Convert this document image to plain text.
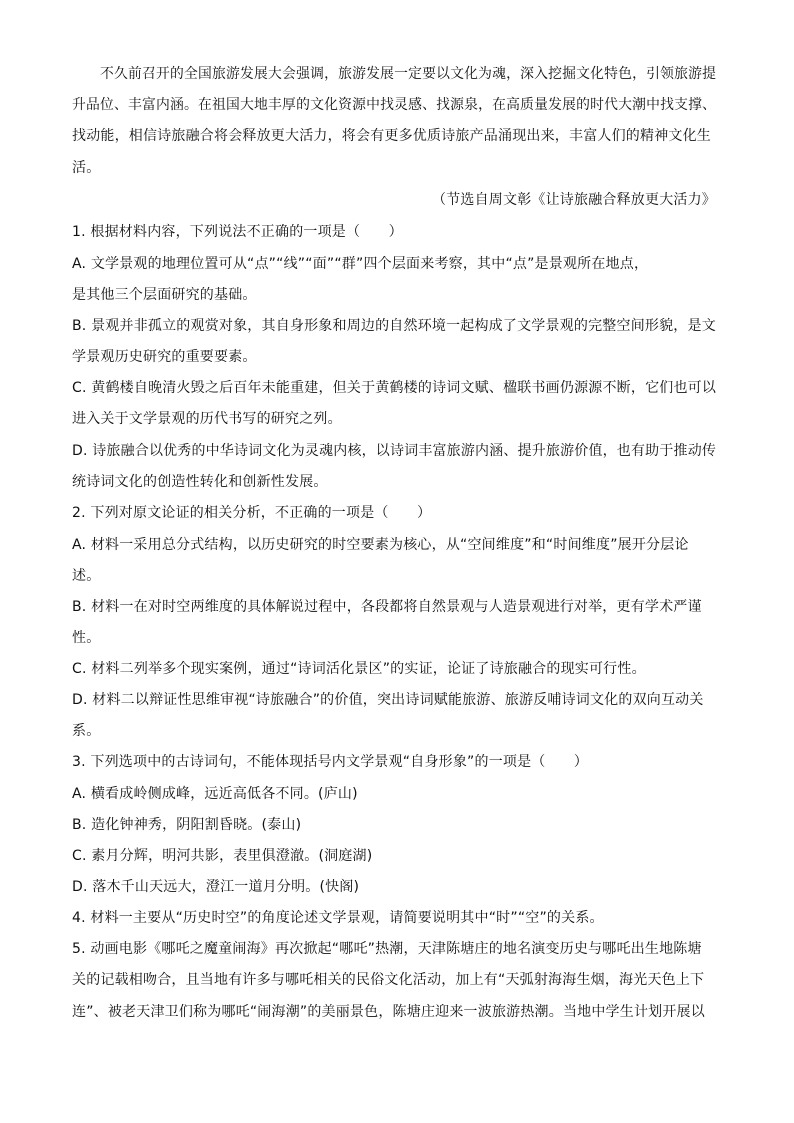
　　不久前召开的全国旅游发展大会强调，旅游发展一定要以文化为魂，深入挖掘文化特色，引领旅游提
升品位、丰富内涵。在祖国大地丰厚的文化资源中找灵感、找源泉，在高质量发展的时代大潮中找支撑、
找动能，相信诗旅融合将会释放更大活力，将会有更多优质诗旅产品涌现出来，丰富人们的精神文化生
活。
（节选自周文彰《让诗旅融合释放更大活力》
1. 根据材料内容，下列说法不正确的一项是（　　）
A. 文学景观的地理位置可从“点”“线”“面”“群”四个层面来考察，其中“点”是景观所在地点，
是其他三个层面研究的基础。
B. 景观并非孤立的观赏对象，其自身形象和周边的自然环境一起构成了文学景观的完整空间形貌，是文
学景观历史研究的重要要素。
C. 黄鹤楼自晚清火毁之后百年未能重建，但关于黄鹤楼的诗词文赋、楹联书画仍源源不断，它们也可以
进入关于文学景观的历代书写的研究之列。
D. 诗旅融合以优秀的中华诗词文化为灵魂内核，以诗词丰富旅游内涵、提升旅游价值，也有助于推动传
统诗词文化的创造性转化和创新性发展。
2. 下列对原文论证的相关分析，不正确的一项是（　　）
A. 材料一采用总分式结构，以历史研究的时空要素为核心，从“空间维度”和“时间维度”展开分层论
述。
B. 材料一在对时空两维度的具体解说过程中，各段都将自然景观与人造景观进行对举，更有学术严谨
性。
C. 材料二列举多个现实案例，通过“诗词活化景区”的实证，论证了诗旅融合的现实可行性。
D. 材料二以辩证性思维审视“诗旅融合”的价值，突出诗词赋能旅游、旅游反哺诗词文化的双向互动关
系。
3. 下列选项中的古诗词句，不能体现括号内文学景观“自身形象”的一项是（　　）
A. 横看成岭侧成峰，远近高低各不同。(庐山)
B. 造化钟神秀，阴阳割昏晓。(泰山)
C. 素月分辉，明河共影，表里俱澄澈。(洞庭湖)
D. 落木千山天远大，澄江一道月分明。(快阁)
4. 材料一主要从“历史时空”的角度论述文学景观，请简要说明其中“时”“空”的关系。
5. 动画电影《哪吒之魔童闹海》再次掀起“哪吒”热潮，天津陈塘庄的地名演变历史与哪吒出生地陈塘
关的记载相吻合，且当地有许多与哪吒相关的民俗文化活动，加上有“天弧射海海生烟，海光天色上下
连”、被老天津卫们称为哪吒“闹海潮”的美丽景色，陈塘庄迎来一波旅游热潮。当地中学生计划开展以
